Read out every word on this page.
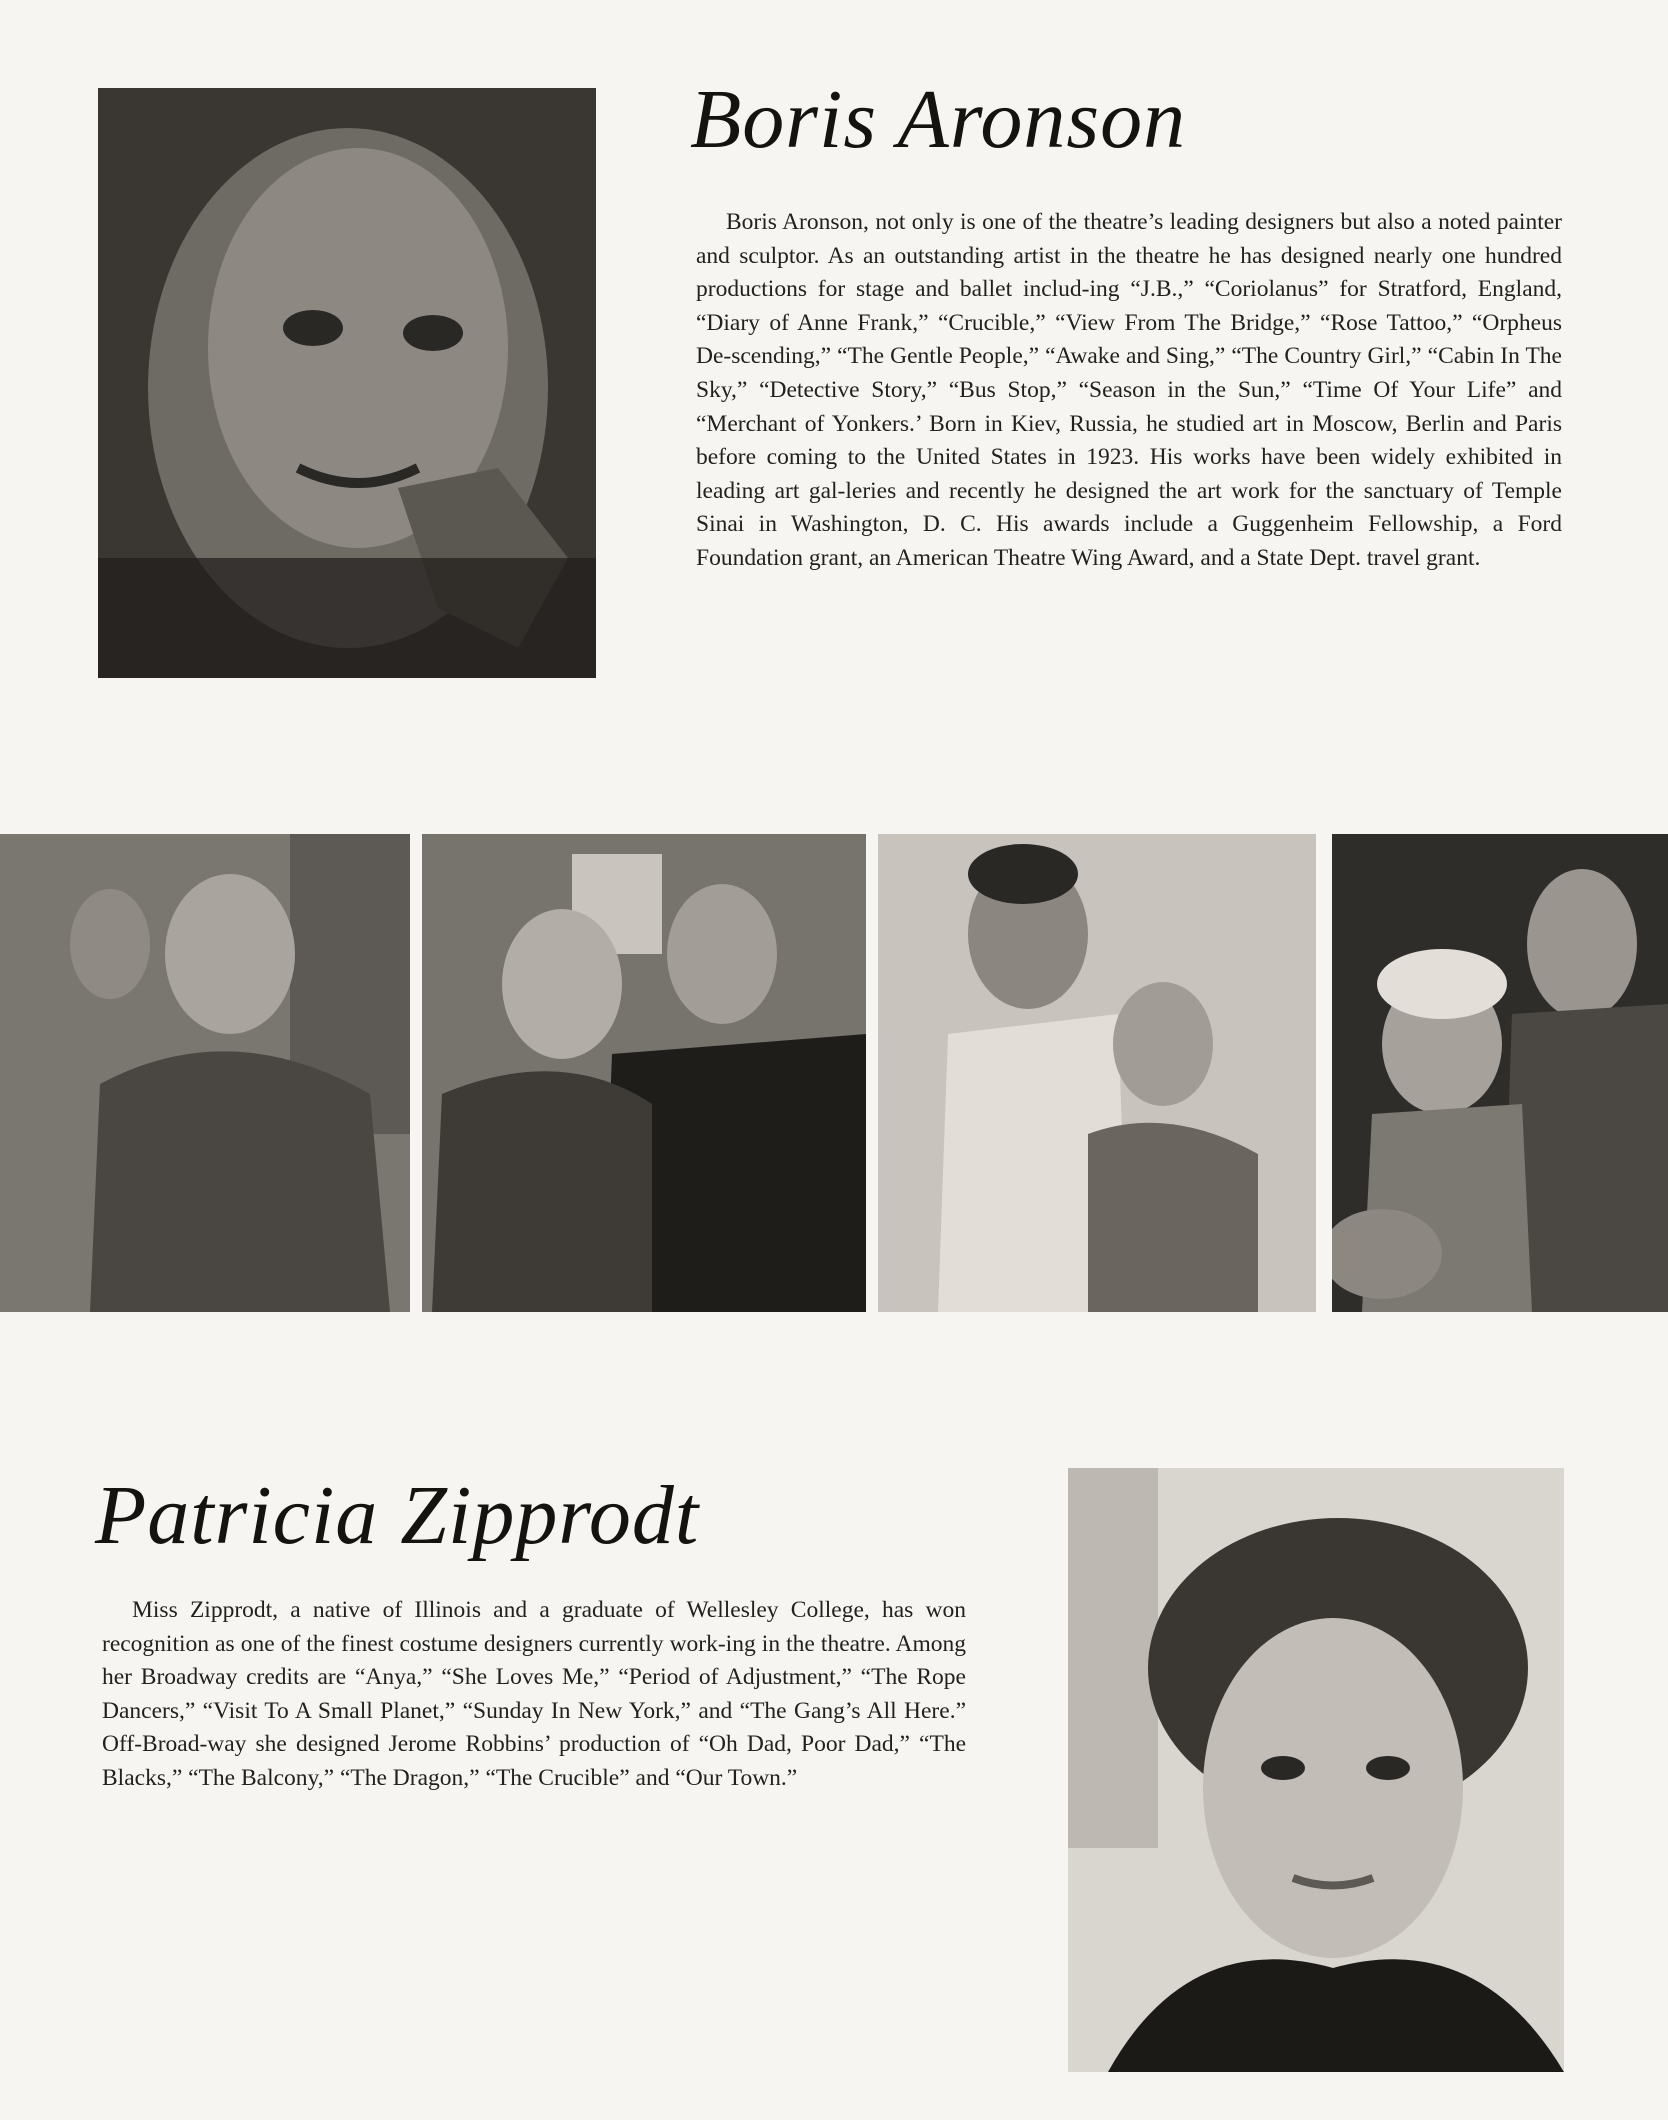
Boris Aronson

Boris Aronson, not only is one of the theatre’s leading designers but also a noted painter and sculptor. As an outstanding artist in the theatre he has designed nearly one hundred productions for stage and ballet includ-ing “J.B.,” “Coriolanus” for Stratford, England, “Diary of Anne Frank,” “Crucible,” “View From The Bridge,” “Rose Tattoo,” “Orpheus De-scending,” “The Gentle People,” “Awake and Sing,” “The Country Girl,” “Cabin In The Sky,” “Detective Story,” “Bus Stop,” “Season in the Sun,” “Time Of Your Life” and “Merchant of Yonkers.’ Born in Kiev, Russia, he studied art in Moscow, Berlin and Paris before coming to the United States in 1923. His works have been widely exhibited in leading art gal-leries and recently he designed the art work for the sanctuary of Temple Sinai in Washington, D. C. His awards include a Guggenheim Fellowship, a Ford Foundation grant, an American Theatre Wing Award, and a State Dept. travel grant.

Patricia Zipprodt

Miss Zipprodt, a native of Illinois and a graduate of Wellesley College, has won recognition as one of the finest costume designers currently work-ing in the theatre. Among her Broadway credits are “Anya,” “She Loves Me,” “Period of Adjustment,” “The Rope Dancers,” “Visit To A Small Planet,” “Sunday In New York,” and “The Gang’s All Here.” Off-Broad-way she designed Jerome Robbins’ production of “Oh Dad, Poor Dad,” “The Blacks,” “The Balcony,” “The Dragon,” “The Crucible” and “Our Town.”
